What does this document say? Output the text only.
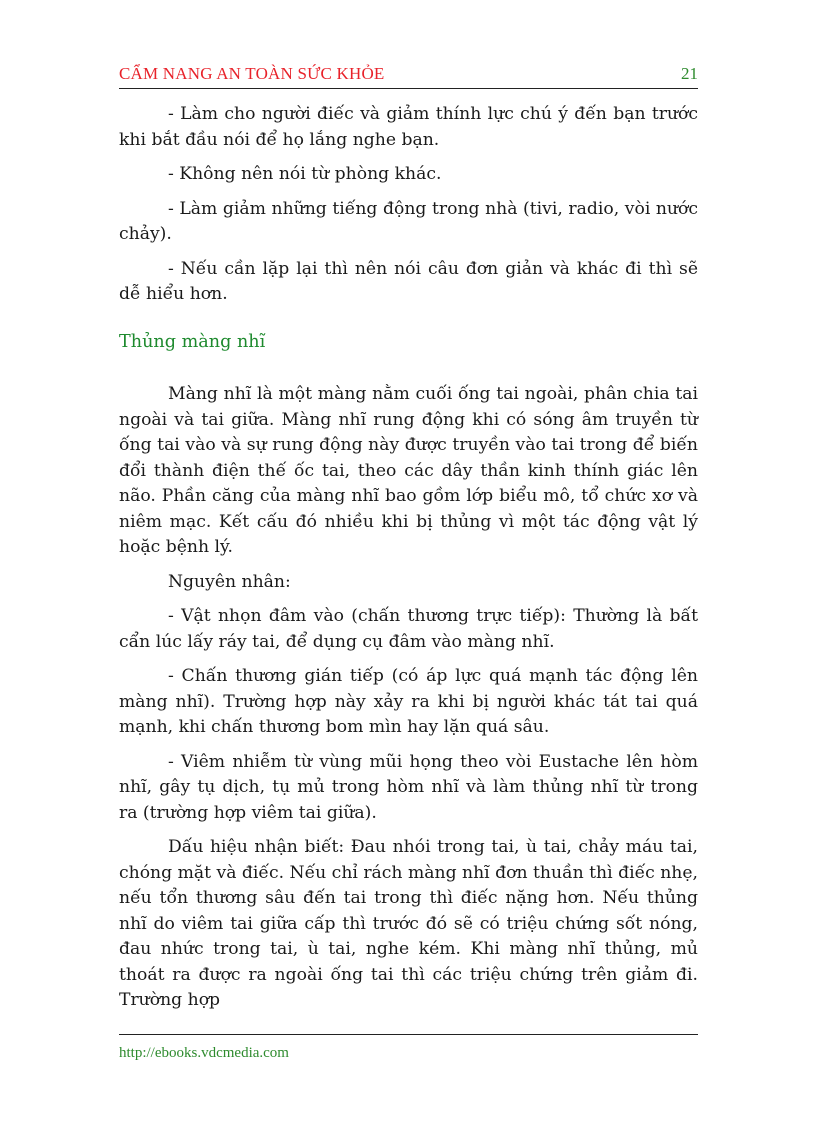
CẨM NANG AN TOÀN SỨC KHỎE	21

- Làm cho người điếc và giảm thính lực chú ý đến bạn trước khi bắt đầu nói để họ lắng nghe bạn.

- Không nên nói từ phòng khác.

- Làm giảm những tiếng động trong nhà (tivi, radio, vòi nước chảy).

- Nếu cần lặp lại thì nên nói câu đơn giản và khác đi thì sẽ dễ hiểu hơn.

Thủng màng nhĩ

Màng nhĩ là một màng nằm cuối ống tai ngoài, phân chia tai ngoài và tai giữa. Màng nhĩ rung động khi có sóng âm truyền từ ống tai vào và sự rung động này được truyền vào tai trong để biến đổi thành điện thế ốc tai, theo các dây thần kinh thính giác lên não. Phần căng của màng nhĩ bao gồm lớp biểu mô, tổ chức xơ và niêm mạc. Kết cấu đó nhiều khi bị thủng vì một tác động vật lý hoặc bệnh lý.

Nguyên nhân:

- Vật nhọn đâm vào (chấn thương trực tiếp): Thường là bất cẩn lúc lấy ráy tai, để dụng cụ đâm vào màng nhĩ.

- Chấn thương gián tiếp (có áp lực quá mạnh tác động lên màng nhĩ). Trường hợp này xảy ra khi bị người khác tát tai quá mạnh, khi chấn thương bom mìn hay lặn quá sâu.

- Viêm nhiễm từ vùng mũi họng theo vòi Eustache lên hòm nhĩ, gây tụ dịch, tụ mủ trong hòm nhĩ và làm thủng nhĩ từ trong ra (trường hợp viêm tai giữa).

Dấu hiệu nhận biết: Đau nhói trong tai, ù tai, chảy máu tai, chóng mặt và điếc. Nếu chỉ rách màng nhĩ đơn thuần thì điếc nhẹ, nếu tổn thương sâu đến tai trong thì điếc nặng hơn. Nếu thủng nhĩ do viêm tai giữa cấp thì trước đó sẽ có triệu chứng sốt nóng, đau nhức trong tai, ù tai, nghe kém. Khi màng nhĩ thủng, mủ thoát ra được ra ngoài ống tai thì các triệu chứng trên giảm đi. Trường hợp

http://ebooks.vdcmedia.com
